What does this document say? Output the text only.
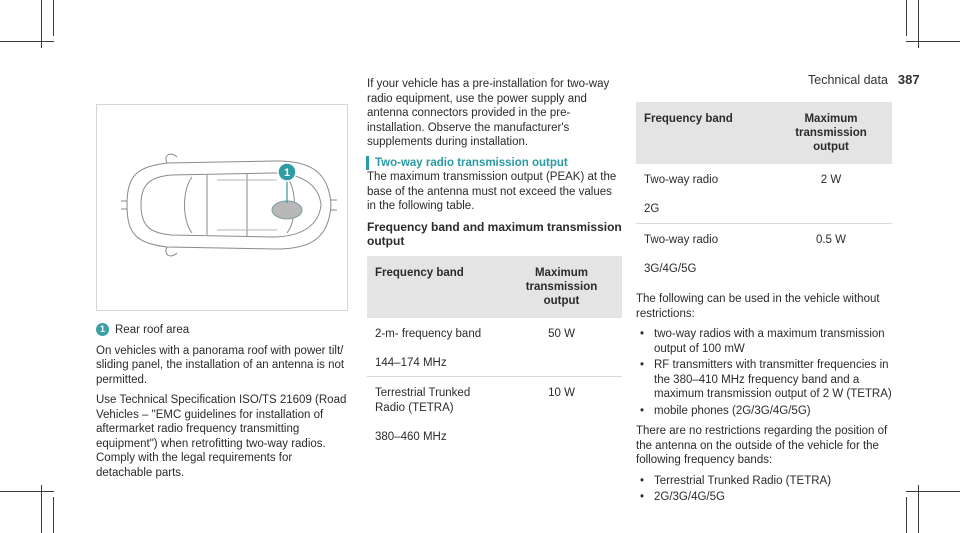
Technical data 387
1

1 Rear roof area

On vehicles with a panorama roof with power tilt/ sliding panel, the installation of an antenna is not permitted.

Use Technical Specification ISO/TS 21609 (Road Vehicles – "EMC guidelines for installation of aftermarket radio frequency transmitting equipment") when retrofitting two-way radios. Comply with the legal requirements for detachable parts.

If your vehicle has a pre-installation for two-way radio equipment, use the power supply and antenna connectors provided in the pre-installation. Observe the manufacturer's supplements during installation.

Two-way radio transmission output

The maximum transmission output (PEAK) at the base of the antenna must not exceed the values in the following table.

Frequency band and maximum transmission output
Frequency band	Maximum transmission output
2-m- frequency band

144–174 MHz	50 W
Terrestrial Trunked Radio (TETRA)

380–460 MHz	10 W
Frequency band	Maximum transmission output
Two-way radio

2G	2 W
Two-way radio

3G/4G/5G	0.5 W

The following can be used in the vehicle without restrictions:

• two-way radios with a maximum transmission output of 100 mW
• RF transmitters with transmitter frequencies in the 380–410 MHz frequency band and a maximum transmission output of 2 W (TETRA)
• mobile phones (2G/3G/4G/5G)

There are no restrictions regarding the position of the antenna on the outside of the vehicle for the following frequency bands:

• Terrestrial Trunked Radio (TETRA)
• 2G/3G/4G/5G
